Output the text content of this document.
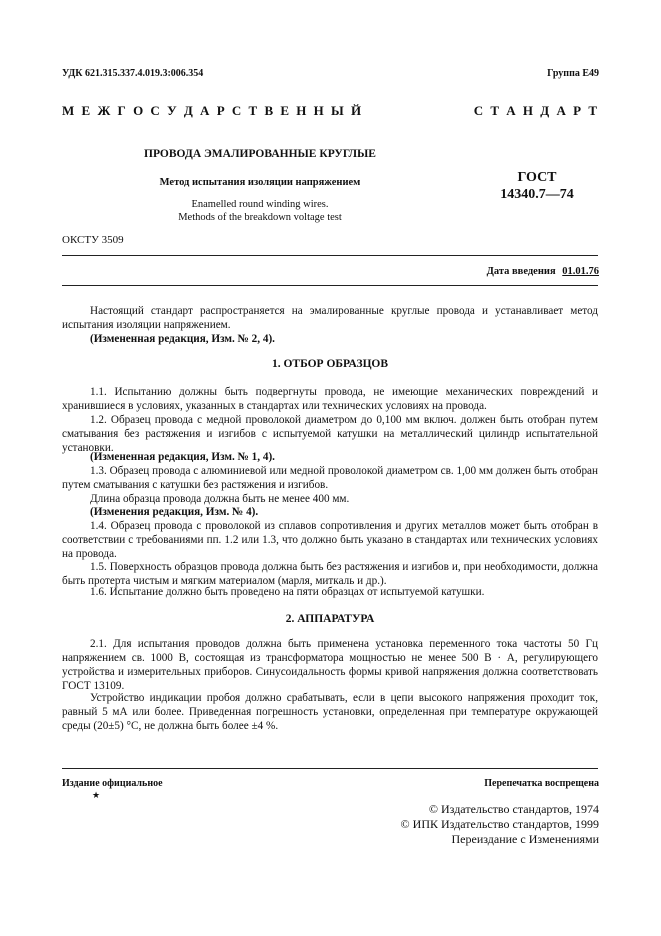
УДК 621.315.337.4.019.3:006.354	Группа Е49
М Е Ж Г О С У Д А Р С Т В Е Н Н Ы Й	С Т А Н Д А Р Т
ПРОВОДА ЭМАЛИРОВАННЫЕ КРУГЛЫЕ
Метод испытания изоляции напряжением
Enamelled round winding wires.
Methods of the breakdown voltage test
ГОСТ
14340.7—74
ОКСТУ 3509
Дата введения 01.01.76
Настоящий стандарт распространяется на эмалированные круглые провода и устанавливает метод испытания изоляции напряжением.
(Измененная редакция, Изм. № 2, 4).
1. ОТБОР ОБРАЗЦОВ
1.1. Испытанию должны быть подвергнуты провода, не имеющие механических повреждений и хранившиеся в условиях, указанных в стандартах или технических условиях на провода.
1.2. Образец провода с медной проволокой диаметром до 0,100 мм включ. должен быть отобран путем сматывания без растяжения и изгибов с испытуемой катушки на металлический цилиндр испытательной установки.
(Измененная редакция, Изм. № 1, 4).
1.3. Образец провода с алюминиевой или медной проволокой диаметром св. 1,00 мм должен быть отобран путем сматывания с катушки без растяжения и изгибов.
Длина образца провода должна быть не менее 400 мм.
(Изменения редакция, Изм. № 4).
1.4. Образец провода с проволокой из сплавов сопротивления и других металлов может быть отобран в соответствии с требованиями пп. 1.2 или 1.3, что должно быть указано в стандартах или технических условиях на провода.
1.5. Поверхность образцов провода должна быть без растяжения и изгибов и, при необходимости, должна быть протерта чистым и мягким материалом (марля, миткаль и др.).
1.6. Испытание должно быть проведено на пяти образцах от испытуемой катушки.
2. АППАРАТУРА
2.1. Для испытания проводов должна быть применена установка переменного тока частоты 50 Гц напряжением св. 1000 В, состоящая из трансформатора мощностью не менее 500 В · А, регулирующего устройства и измерительных приборов. Синусоидальность формы кривой напряжения должна соответствовать ГОСТ 13109.
Устройство индикации пробоя должно срабатывать, если в цепи высокого напряжения проходит ток, равный 5 мА или более. Приведенная погрешность установки, определенная при температуре окружающей среды (20±5) °С, не должна быть более ±4 %.
Издание официальное	Перепечатка воспрещена
★
© Издательство стандартов, 1974
© ИПК Издательство стандартов, 1999
Переиздание с Изменениями
